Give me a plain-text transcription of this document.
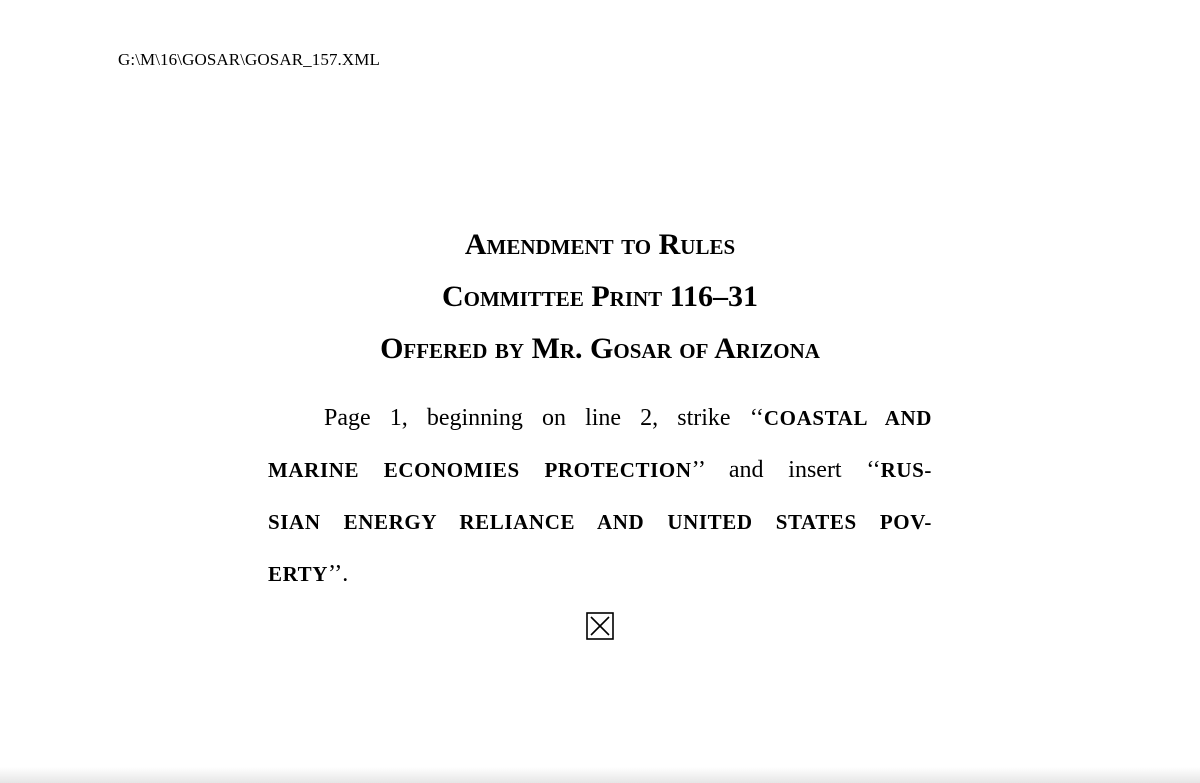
G:\M\16\GOSAR\GOSAR_157.XML
Amendment to Rules
Committee Print 116–31
Offered by Mr. Gosar of Arizona
Page 1, beginning on line 2, strike ‘‘COASTAL AND
MARINE ECONOMIES PROTECTION’’ and insert ‘‘RUS-
SIAN ENERGY RELIANCE AND UNITED STATES POV-
ERTY’’.
